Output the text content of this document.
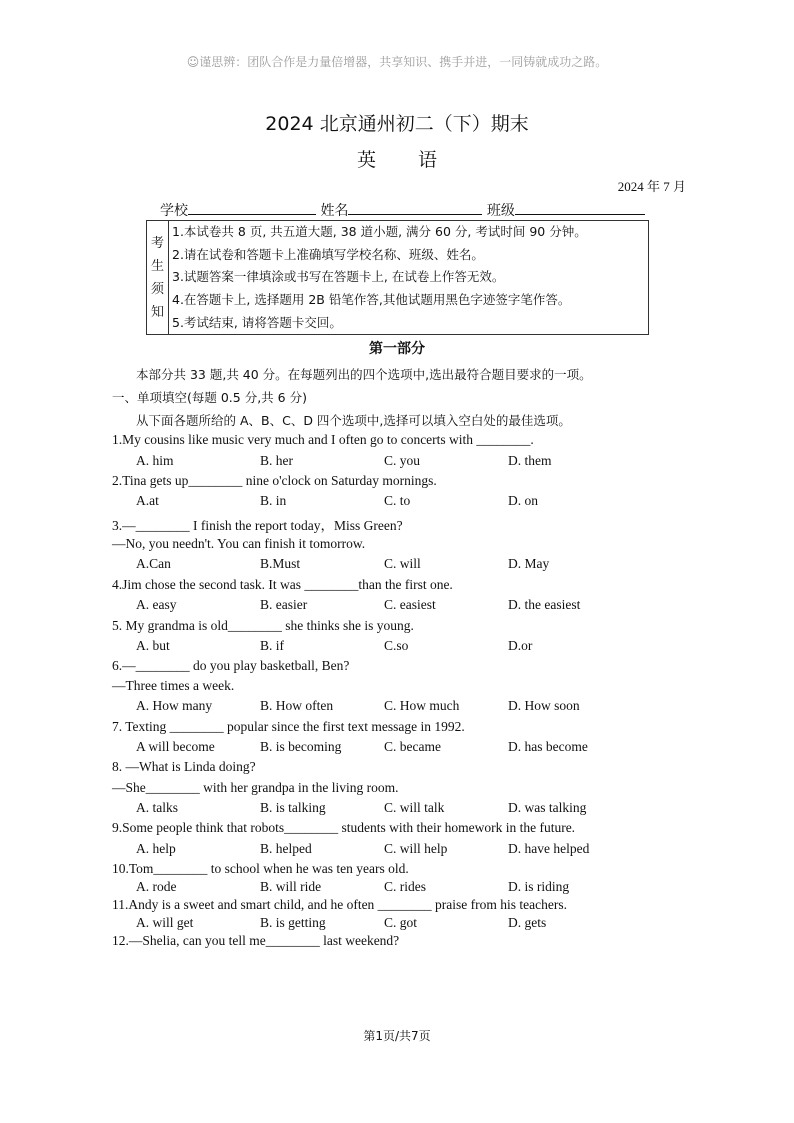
☺谨思辨：团队合作是力量倍增器，共享知识、携手并进，一同铸就成功之路。
2024 北京通州初二（下）期末
英语
2024 年 7 月
学校	姓名	班级
考
生
须
知
1.本试卷共 8 页, 共五道大题, 38 道小题, 满分 60 分, 考试时间 90 分钟。
2.请在试卷和答题卡上准确填写学校名称、班级、姓名。
3.试题答案一律填涂或书写在答题卡上, 在试卷上作答无效。
4.在答题卡上, 选择题用 2B 铅笔作答,其他试题用黑色字迹签字笔作答。
5.考试结束, 请将答题卡交回。
第一部分
本部分共 33 题,共 40 分。在每题列出的四个选项中,选出最符合题目要求的一项。
一、单项填空(每题 0.5 分,共 6 分)
从下面各题所给的 A、B、C、D 四个选项中,选择可以填入空白处的最佳选项。
1.My cousins like music very much and I often go to concerts with ________.
A. him	B. her	C. you	D. them
2.Tina gets up________ nine o'clock on Saturday mornings.
A.at	B. in	C. to	D. on
3.—________ I finish the report today，Miss Green?
—No, you needn't. You can finish it tomorrow.
A.Can	B.Must	C. will	D. May
4.Jim chose the second task. It was ________than the first one.
A. easy	B. easier	C. easiest	D. the easiest
5. My grandma is old________ she thinks she is young.
A. but	B. if	C.so	D.or
6.—________ do you play basketball, Ben?
—Three times a week.
A. How many	B. How often	C. How much	D. How soon
7. Texting ________ popular since the first text message in 1992.
A will become	B. is becoming	C. became	D. has become
8. —What is Linda doing?
—She________ with her grandpa in the living room.
A. talks	B. is talking	C. will talk	D. was talking
9.Some people think that robots________ students with their homework in the future.
A. help	B. helped	C. will help	D. have helped
10.Tom________ to school when he was ten years old.
A. rode	B. will ride	C. rides	D. is riding
11.Andy is a sweet and smart child, and he often ________ praise from his teachers.
A. will get	B. is getting	C. got	D. gets
12.—Shelia, can you tell me________ last weekend?
第1页/共7页
